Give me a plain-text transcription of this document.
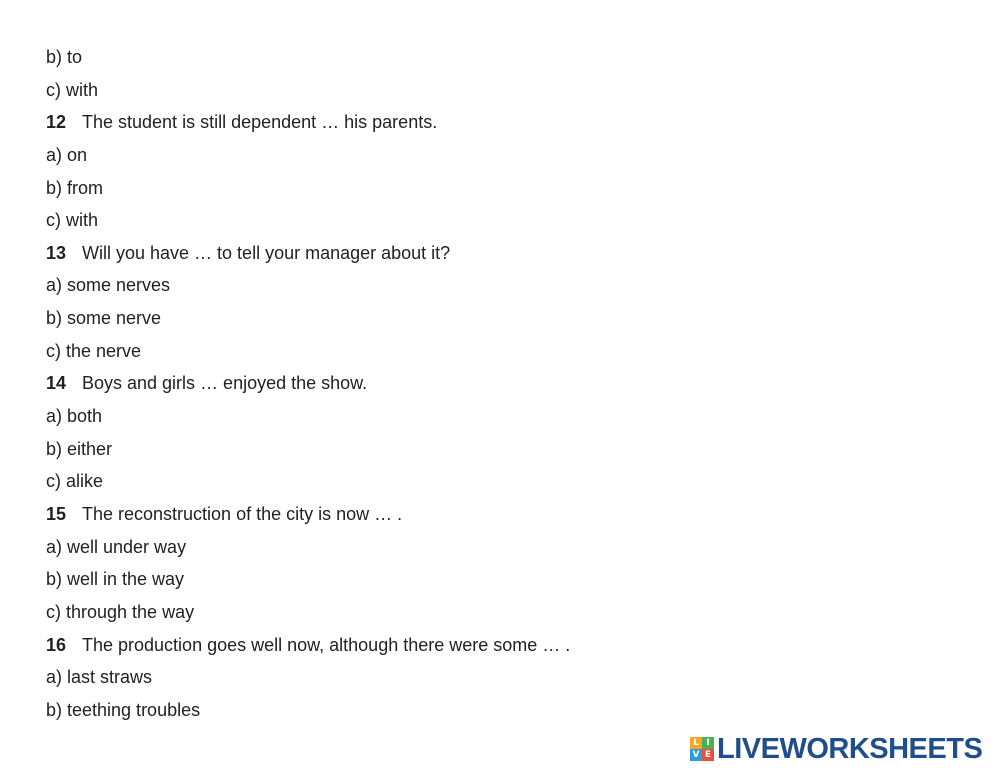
b) to
c) with
12 The student is still dependent … his parents.
a) on
b) from
c) with
13 Will you have … to tell your manager about it?
a) some nerves
b) some nerve
c) the nerve
14 Boys and girls … enjoyed the show.
a) both
b) either
c) alike
15 The reconstruction of the city is now … .
a) well under way
b) well in the way
c) through the way
16 The production goes well now, although there were some … .
a) last straws
b) teething troubles
L I
V E LIVEWORKSHEETS
